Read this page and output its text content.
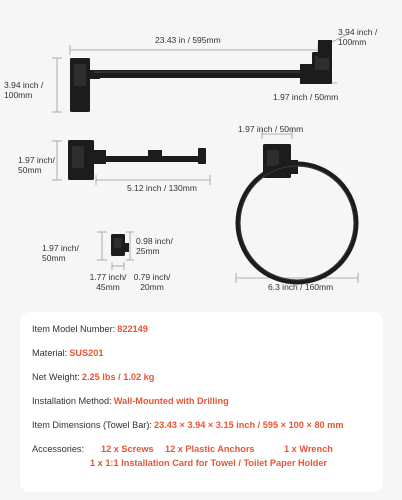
23.43 in / 595mm
3.94 inch /
100mm
3.94 inch /
100mm	1.97 inch / 50mm
1.97 inch/
50mm
5.12 inch / 130mm
1.97 inch / 50mm
6.3 inch / 160mm
1.97 inch/
50mm
0.98 inch/
25mm
1.77 inch/
45mm
0.79 inch/
20mm
Item Model Number: 822149
Material: SUS201
Net Weight: 2.25 lbs / 1.02 kg
Installation Method: Wall-Mounted with Drilling
Item Dimensions (Towel Bar): 23.43 × 3.94 × 3.15 inch / 595 × 100 × 80 mm
Accessories: 12 x Screws 12 x Plastic Anchors	1 x Wrench
1 x 1:1 Installation Card for Towel / Toilet Paper Holder
